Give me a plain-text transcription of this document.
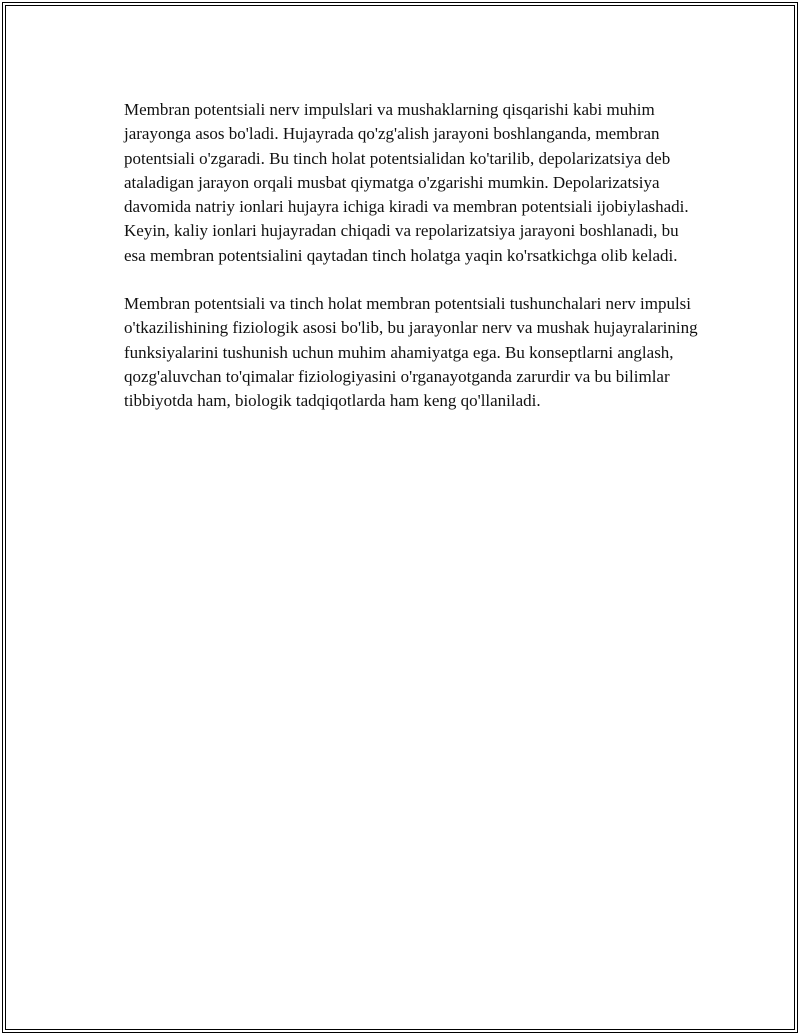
Membran potentsiali nerv impulslari va mushaklarning qisqarishi kabi muhim jarayonga asos bo'ladi. Hujayrada qo'zg'alish jarayoni boshlanganda, membran potentsiali o'zgaradi. Bu tinch holat potentsialidan ko'tarilib, depolarizatsiya deb ataladigan jarayon orqali musbat qiymatga o'zgarishi mumkin. Depolarizatsiya davomida natriy ionlari hujayra ichiga kiradi va membran potentsiali ijobiylashadi. Keyin, kaliy ionlari hujayradan chiqadi va repolarizatsiya jarayoni boshlanadi, bu esa membran potentsialini qaytadan tinch holatga yaqin ko'rsatkichga olib keladi.

Membran potentsiali va tinch holat membran potentsiali tushunchalari nerv impulsi o'tkazilishining fiziologik asosi bo'lib, bu jarayonlar nerv va mushak hujayralarining funksiyalarini tushunish uchun muhim ahamiyatga ega. Bu konseptlarni anglash, qozg'aluvchan to'qimalar fiziologiyasini o'rganayotganda zarurdir va bu bilimlar tibbiyotda ham, biologik tadqiqotlarda ham keng qo'llaniladi.
